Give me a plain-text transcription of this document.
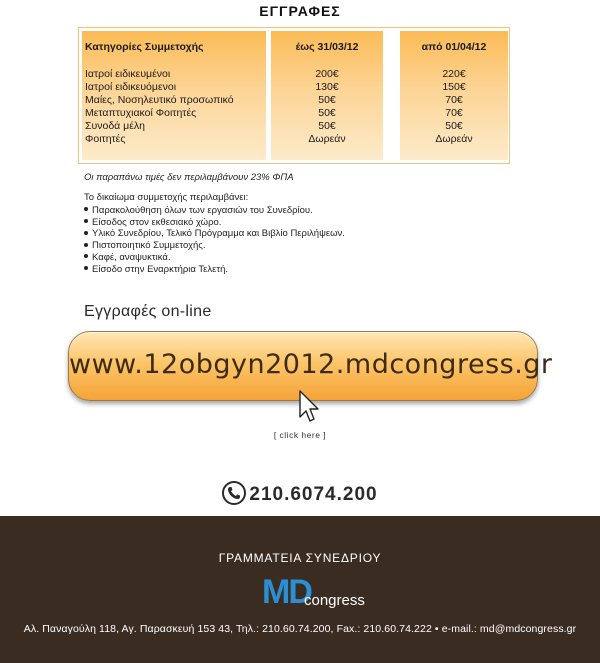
ΕΓΓΡΑΦΕΣ
Κατηγορίες Συμμετοχής	έως 31/03/12	από 01/04/12
Ιατροί ειδικευμένοι	200€	220€
Ιατροί ειδικευόμενοι	130€	150€
Μαίες, Νοσηλευτικό προσωπικό	50€	70€
Μεταπτυχιακοί Φοιτητές	50€	70€
Συνοδά μέλη	50€	50€
Φοιτητές	Δωρεάν	Δωρεάν
Οι παραπάνω τιμές δεν περιλαμβάνουν 23% ΦΠΑ
Το δικαίωμα συμμετοχής περιλαμβάνει:
Παρακολούθηση όλων των εργασιών του Συνεδρίου.
Είσοδος στον εκθεσιακό χώρο.
Υλικό Συνεδρίου, Τελικό Πρόγραμμα και Βιβλίο Περιλήψεων.
Πιστοποιητικό Συμμετοχής.
Καφέ, αναψυκτικά.
Είσοδο στην Εναρκτήρια Τελετή.
Εγγραφές on-line
www.12obgyn2012.mdcongress.gr
[ click here ]
210.6074.200
ΓΡΑΜΜΑΤΕΙΑ ΣΥΝΕΔΡΙΟΥ
MD
congress
Αλ. Παναγούλη 118, Αγ. Παρασκευή 153 43, Τηλ.: 210.60.74.200, Fax.: 210.60.74.222 • e-mail.: md@mdcongress.gr
